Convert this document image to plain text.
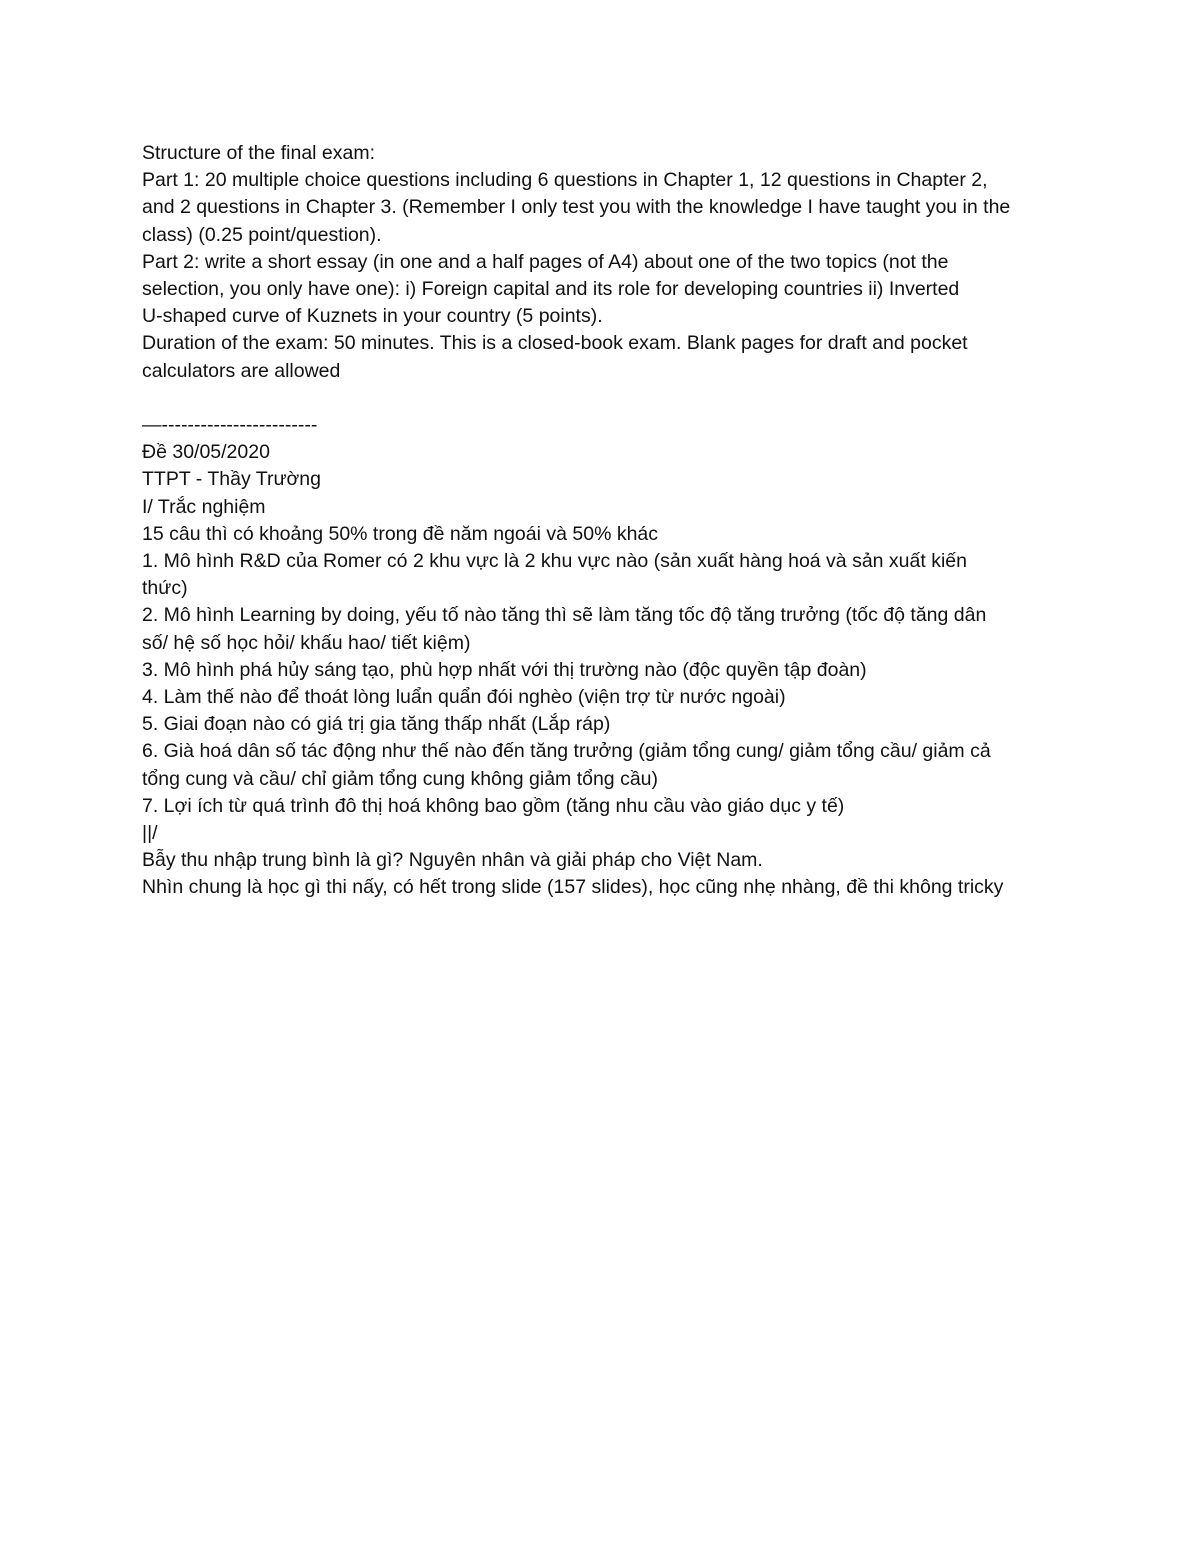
Structure of the final exam:
Part 1: 20 multiple choice questions including 6 questions in Chapter 1, 12 questions in Chapter 2,
and 2 questions in Chapter 3. (Remember I only test you with the knowledge I have taught you in the
class) (0.25 point/question).
Part 2: write a short essay (in one and a half pages of A4) about one of the two topics (not the
selection, you only have one): i) Foreign capital and its role for developing countries ii) Inverted
U-shaped curve of Kuznets in your country (5 points).
Duration of the exam: 50 minutes. This is a closed-book exam. Blank pages for draft and pocket
calculators are allowed
—------------------------
Đề 30/05/2020
TTPT - Thầy Trường
I/ Trắc nghiệm
15 câu thì có khoảng 50% trong đề năm ngoái và 50% khác
1. Mô hình R&D của Romer có 2 khu vực là 2 khu vực nào (sản xuất hàng hoá và sản xuất kiến
thức)
2. Mô hình Learning by doing, yếu tố nào tăng thì sẽ làm tăng tốc độ tăng trưởng (tốc độ tăng dân
số/ hệ số học hỏi/ khấu hao/ tiết kiệm)
3. Mô hình phá hủy sáng tạo, phù hợp nhất với thị trường nào (độc quyền tập đoàn)
4. Làm thế nào để thoát lòng luẩn quẩn đói nghèo (viện trợ từ nước ngoài)
5. Giai đoạn nào có giá trị gia tăng thấp nhất (Lắp ráp)
6. Già hoá dân số tác động như thế nào đến tăng trưởng (giảm tổng cung/ giảm tổng cầu/ giảm cả
tổng cung và cầu/ chỉ giảm tổng cung không giảm tổng cầu)
7. Lợi ích từ quá trình đô thị hoá không bao gồm (tăng nhu cầu vào giáo dục y tế)
||/
Bẫy thu nhập trung bình là gì? Nguyên nhân và giải pháp cho Việt Nam.
Nhìn chung là học gì thi nấy, có hết trong slide (157 slides), học cũng nhẹ nhàng, đề thi không tricky
